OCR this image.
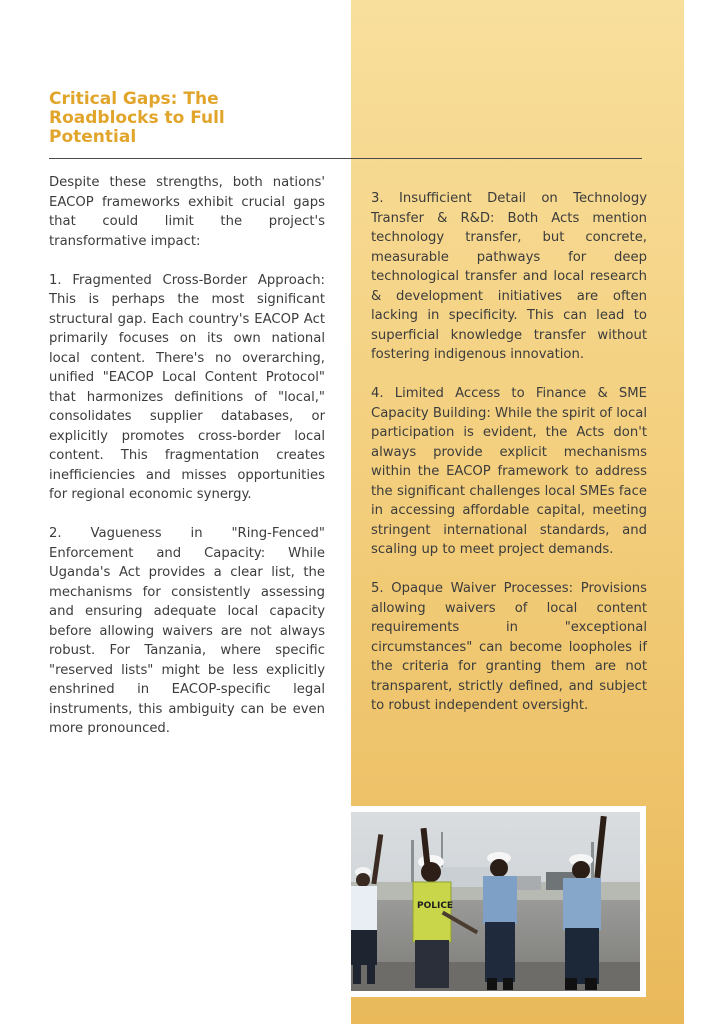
Critical Gaps: The
Roadblocks to Full
Potential

Despite these strengths, both nations' EACOP frameworks exhibit crucial gaps that could limit the project's transformative impact:

1. Fragmented Cross-Border Approach: This is perhaps the most significant structural gap. Each country's EACOP Act primarily focuses on its own national local content. There's no overarching, unified "EACOP Local Content Protocol" that harmonizes definitions of "local," consolidates supplier databases, or explicitly promotes cross-border local content. This fragmentation creates inefficiencies and misses opportunities for regional economic synergy.

2. Vagueness in "Ring-Fenced" Enforcement and Capacity: While Uganda's Act provides a clear list, the mechanisms for consistently assessing and ensuring adequate local capacity before allowing waivers are not always robust. For Tanzania, where specific "reserved lists" might be less explicitly enshrined in EACOP-specific legal instruments, this ambiguity can be even more pronounced.

3. Insufficient Detail on Technology Transfer & R&D: Both Acts mention technology transfer, but concrete, measurable pathways for deep technological transfer and local research & development initiatives are often lacking in specificity. This can lead to superficial knowledge transfer without fostering indigenous innovation.

4. Limited Access to Finance & SME Capacity Building: While the spirit of local participation is evident, the Acts don't always provide explicit mechanisms within the EACOP framework to address the significant challenges local SMEs face in accessing affordable capital, meeting stringent international standards, and scaling up to meet project demands.

5. Opaque Waiver Processes: Provisions allowing waivers of local content requirements in "exceptional circumstances" can become loopholes if the criteria for granting them are not transparent, strictly defined, and subject to robust independent oversight.

POLICE
